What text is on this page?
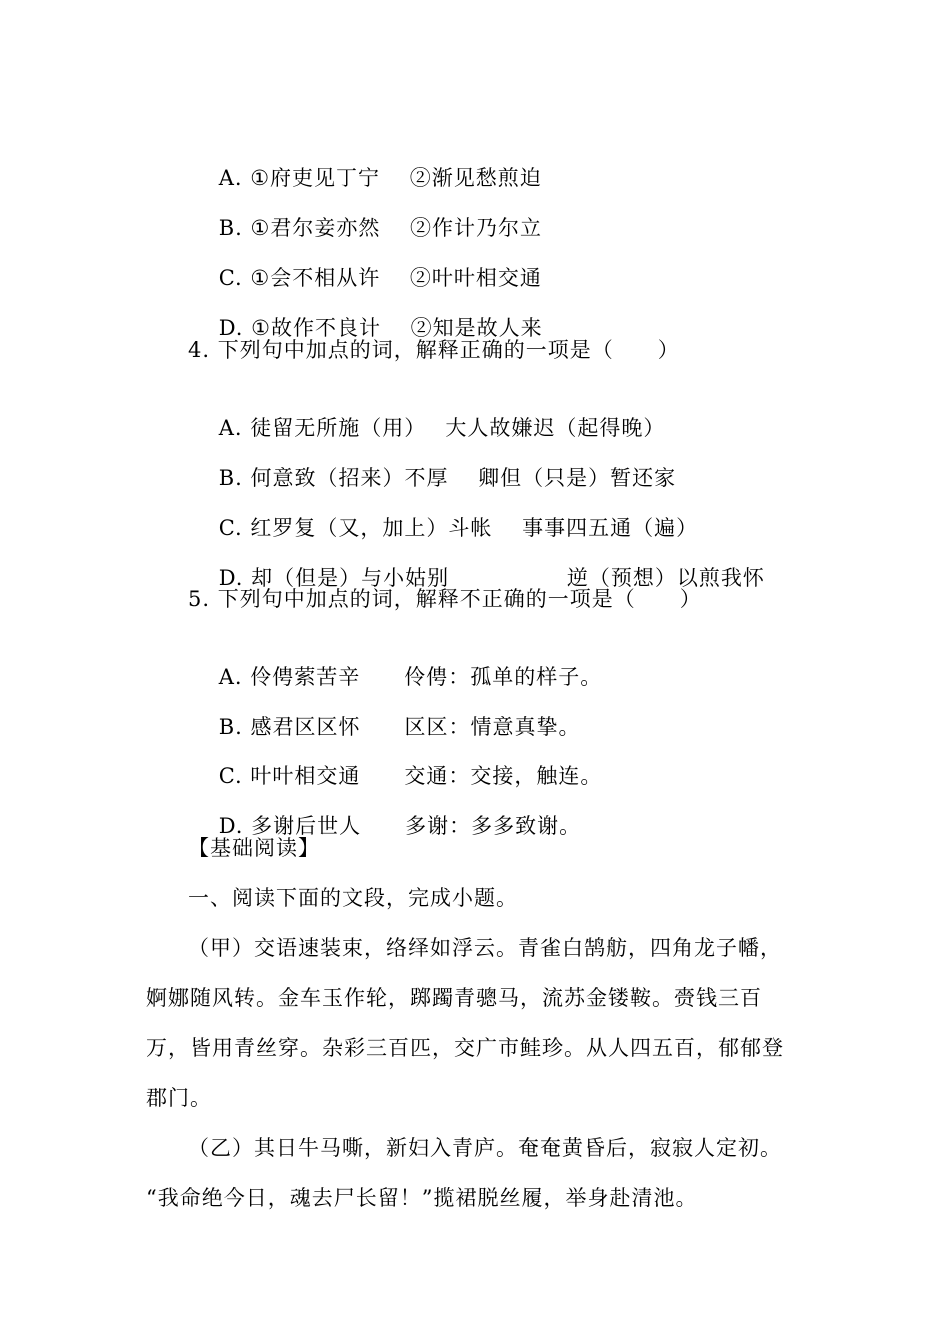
A. ①府吏见丁宁　 ②渐见愁煎迫

B. ①君尔妾亦然　 ②作计乃尔立

C. ①会不相从许　 ②叶叶相交通

D. ①故作不良计　 ②知是故人来

4. 下列句中加点的词，解释正确的一项是（　　）

A. 徒留无所施（用）　 大人故嫌迟（起得晚）

B. 何意致（招来）不厚　 卿但（只是）暂还家

C. 红罗复（又，加上）斗帐　 事事四五通（遍）

D. 却（但是）与小姑别　　　　　 逆（预想）以煎我怀

5. 下列句中加点的词，解释不正确的一项是（　　）

A. 伶俜萦苦辛　　伶俜：孤单的样子。

B. 感君区区怀　　区区：情意真挚。

C. 叶叶相交通　　交通：交接，触连。

D. 多谢后世人　　多谢：多多致谢。

【基础阅读】
一、阅读下面的文段，完成小题。
（甲）交语速装束，络绎如浮云。青雀白鹄舫，四角龙子幡，
婀娜随风转。金车玉作轮，踯躅青骢马，流苏金镂鞍。赍钱三百
万，皆用青丝穿。杂彩三百匹，交广市鲑珍。从人四五百，郁郁登
郡门。
（乙）其日牛马嘶，新妇入青庐。奄奄黄昏后，寂寂人定初。
“我命绝今日，魂去尸长留！”揽裙脱丝履，举身赴清池。
